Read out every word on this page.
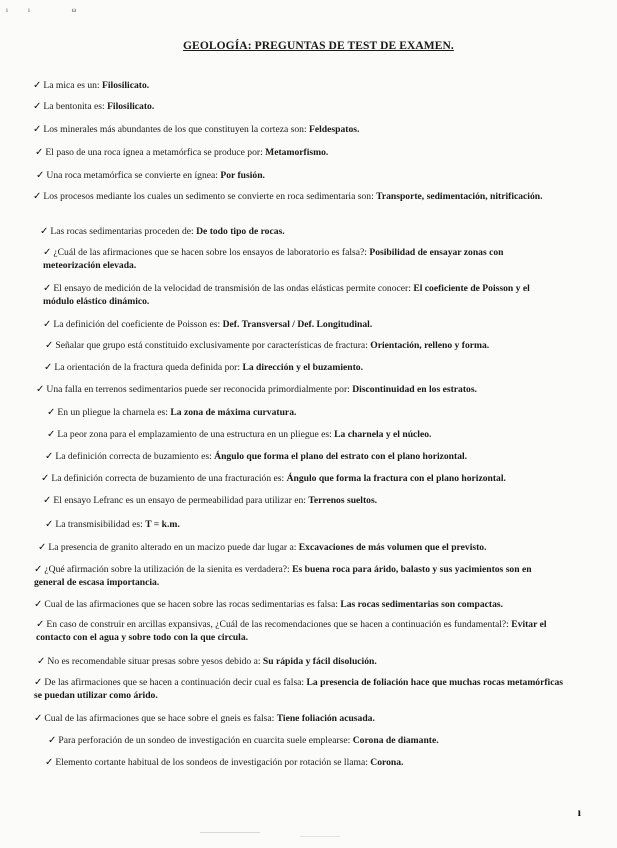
ıı ω
GEOLOGÍA: PREGUNTAS DE TEST DE EXAMEN.
✓ La mica es un: Filosilicato.
✓ La bentonita es: Filosilicato.
✓ Los minerales más abundantes de los que constituyen la corteza son: Feldespatos.
✓ El paso de una roca ígnea a metamórfica se produce por: Metamorfismo.
✓ Una roca metamórfica se convierte en ígnea: Por fusión.
✓ Los procesos mediante los cuales un sedimento se convierte en roca sedimentaria son: Transporte, sedimentación, nitrificación.
✓ Las rocas sedimentarias proceden de: De todo tipo de rocas.
✓ ¿Cuál de las afirmaciones que se hacen sobre los ensayos de laboratorio es falsa?: Posibilidad de ensayar zonas con meteorización elevada.
✓ El ensayo de medición de la velocidad de transmisión de las ondas elásticas permite conocer: El coeficiente de Poisson y el módulo elástico dinámico.
✓ La definición del coeficiente de Poisson es: Def. Transversal / Def. Longitudinal.
✓ Señalar que grupo está constituido exclusivamente por características de fractura: Orientación, relleno y forma.
✓ La orientación de la fractura queda definida por: La dirección y el buzamiento.
✓ Una falla en terrenos sedimentarios puede ser reconocida primordialmente por: Discontinuidad en los estratos.
✓ En un pliegue la charnela es: La zona de máxima curvatura.
✓ La peor zona para el emplazamiento de una estructura en un pliegue es: La charnela y el núcleo.
✓ La definición correcta de buzamiento es: Ángulo que forma el plano del estrato con el plano horizontal.
✓ La definición correcta de buzamiento de una fracturación es: Ángulo que forma la fractura con el plano horizontal.
✓ El ensayo Lefranc es un ensayo de permeabilidad para utilizar en: Terrenos sueltos.
✓ La transmisibilidad es: T = k.m.
✓ La presencia de granito alterado en un macizo puede dar lugar a: Excavaciones de más volumen que el previsto.
✓ ¿Qué afirmación sobre la utilización de la sienita es verdadera?: Es buena roca para árido, balasto y sus yacimientos son en general de escasa importancia.
✓ Cual de las afirmaciones que se hacen sobre las rocas sedimentarias es falsa: Las rocas sedimentarias son compactas.
✓ En caso de construir en arcillas expansivas, ¿Cuál de las recomendaciones que se hacen a continuación es fundamental?: Evitar el contacto con el agua y sobre todo con la que circula.
✓ No es recomendable situar presas sobre yesos debido a: Su rápida y fácil disolución.
✓ De las afirmaciones que se hacen a continuación decir cual es falsa: La presencia de foliación hace que muchas rocas metamórficas se puedan utilizar como árido.
✓ Cual de las afirmaciones que se hace sobre el gneis es falsa: Tiene foliación acusada.
✓ Para perforación de un sondeo de investigación en cuarcita suele emplearse: Corona de diamante.
✓ Elemento cortante habitual de los sondeos de investigación por rotación se llama: Corona.
ı
